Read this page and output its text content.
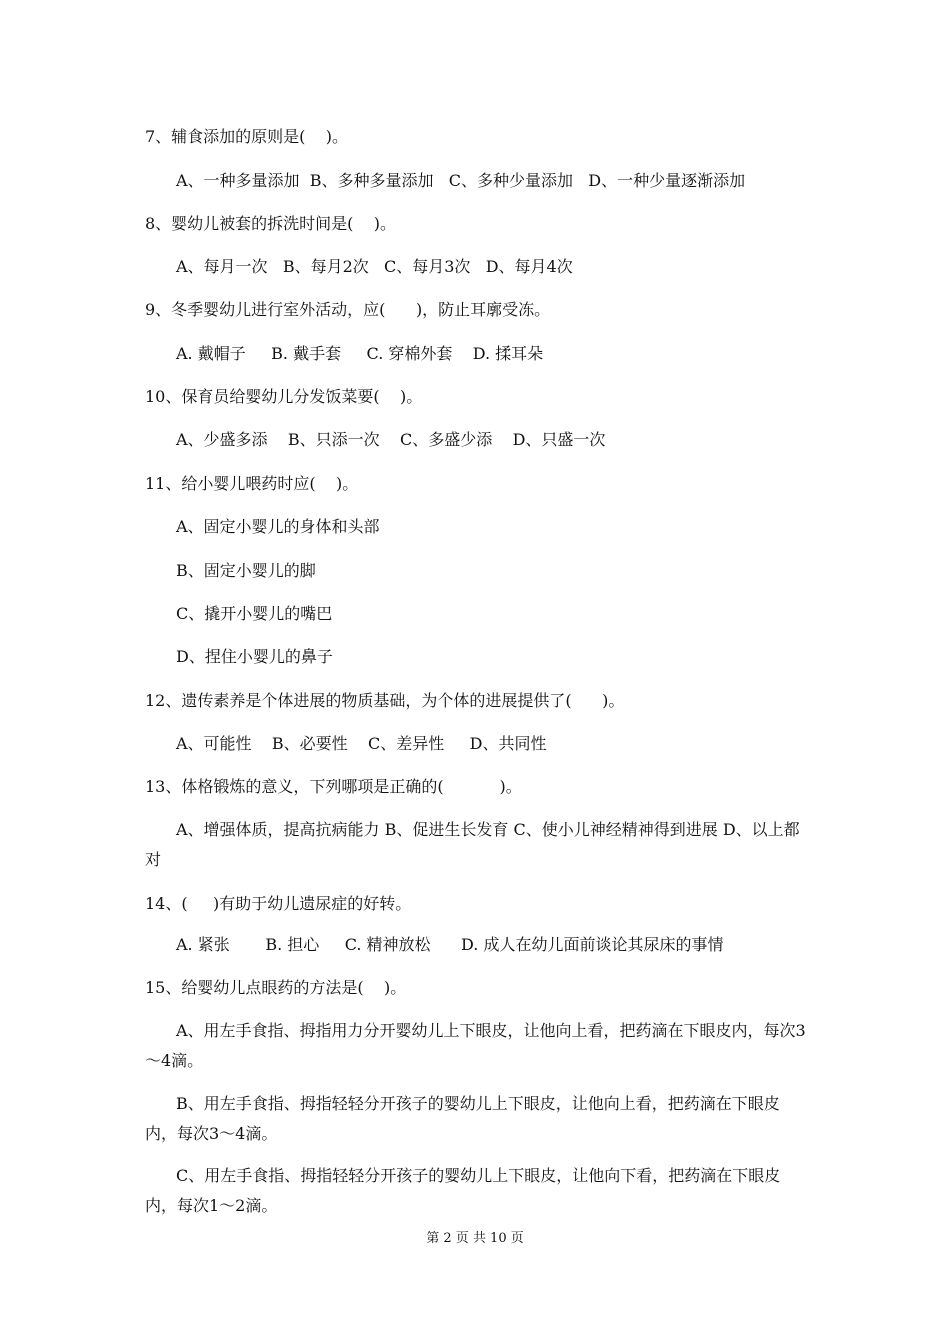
7、辅食添加的原则是(    )。
A、一种多量添加  B、多种多量添加   C、多种少量添加   D、一种少量逐渐添加
8、婴幼儿被套的拆洗时间是(    )。
A、每月一次   B、每月2次   C、每月3次   D、每月4次
9、冬季婴幼儿进行室外活动，应(      )，防止耳廓受冻。
A. 戴帽子     B. 戴手套     C. 穿棉外套    D. 揉耳朵
10、保育员给婴幼儿分发饭菜要(    )。
A、少盛多添    B、只添一次    C、多盛少添    D、只盛一次
11、给小婴儿喂药时应(    )。
A、固定小婴儿的身体和头部
B、固定小婴儿的脚
C、撬开小婴儿的嘴巴
D、捏住小婴儿的鼻子
12、遗传素养是个体进展的物质基础，为个体的进展提供了(      )。
A、可能性    B、必要性    C、差异性     D、共同性
13、体格锻炼的意义，下列哪项是正确的(           )。
A、增强体质，提高抗病能力 B、促进生长发育 C、使小儿神经精神得到进展 D、以上都对
14、(     )有助于幼儿遗尿症的好转。
A. 紧张       B. 担心     C. 精神放松      D. 成人在幼儿面前谈论其尿床的事情
15、给婴幼儿点眼药的方法是(    )。
A、用左手食指、拇指用力分开婴幼儿上下眼皮，让他向上看，把药滴在下眼皮内，每次3～4滴。
B、用左手食指、拇指轻轻分开孩子的婴幼儿上下眼皮，让他向上看，把药滴在下眼皮内，每次3～4滴。
C、用左手食指、拇指轻轻分开孩子的婴幼儿上下眼皮，让他向下看，把药滴在下眼皮内，每次1～2滴。
第 2 页 共 10 页
